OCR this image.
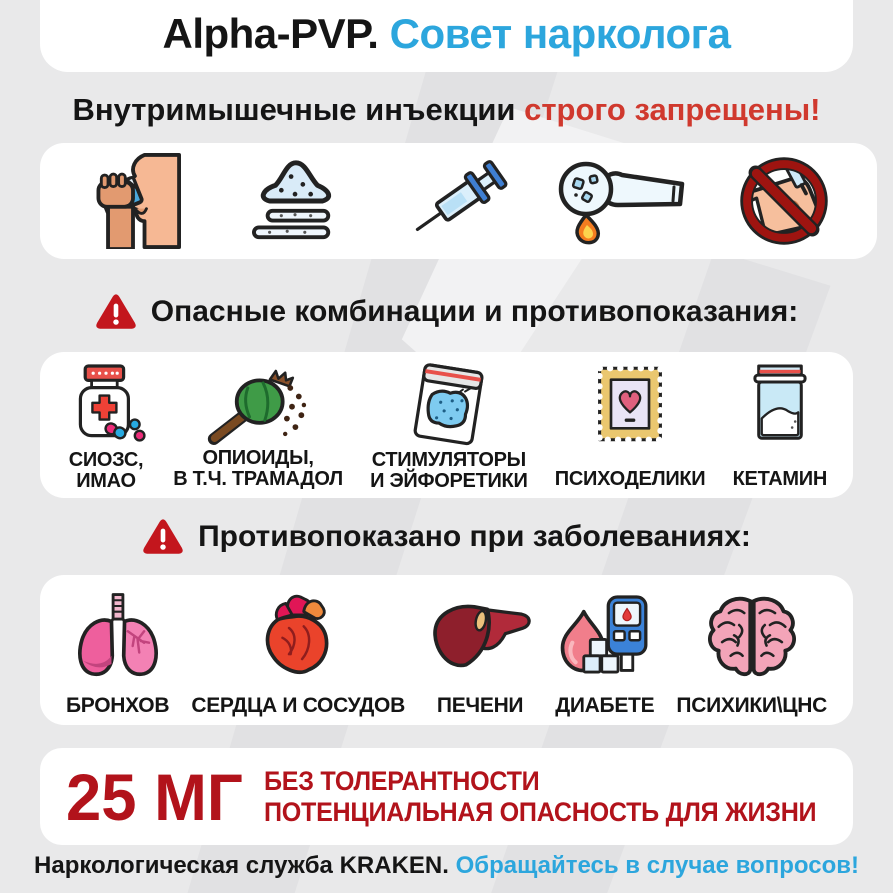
Alpha-PVP. Совет нарколога
Внутримышечные инъекции строго запрещены!
Опасные комбинации и противопоказания:
СИОЗС,
ИМАО
ОПИОИДЫ,
В Т.Ч. ТРАМАДОЛ
СТИМУЛЯТОРЫ
И ЭЙФОРЕТИКИ ПСИХОДЕЛИКИ КЕТАМИН
Противопоказано при заболеваниях:
БРОНХОВ СЕРДЦА И СОСУДОВ ПЕЧЕНИ ДИАБЕТЕ ПСИХИКИ\ЦНС
25 МГ БЕЗ ТОЛЕРАНТНОСТИ
ПОТЕНЦИАЛЬНАЯ ОПАСНОСТЬ ДЛЯ ЖИЗНИ
Наркологическая служба KRAKEN. Обращайтесь в случае вопросов!
